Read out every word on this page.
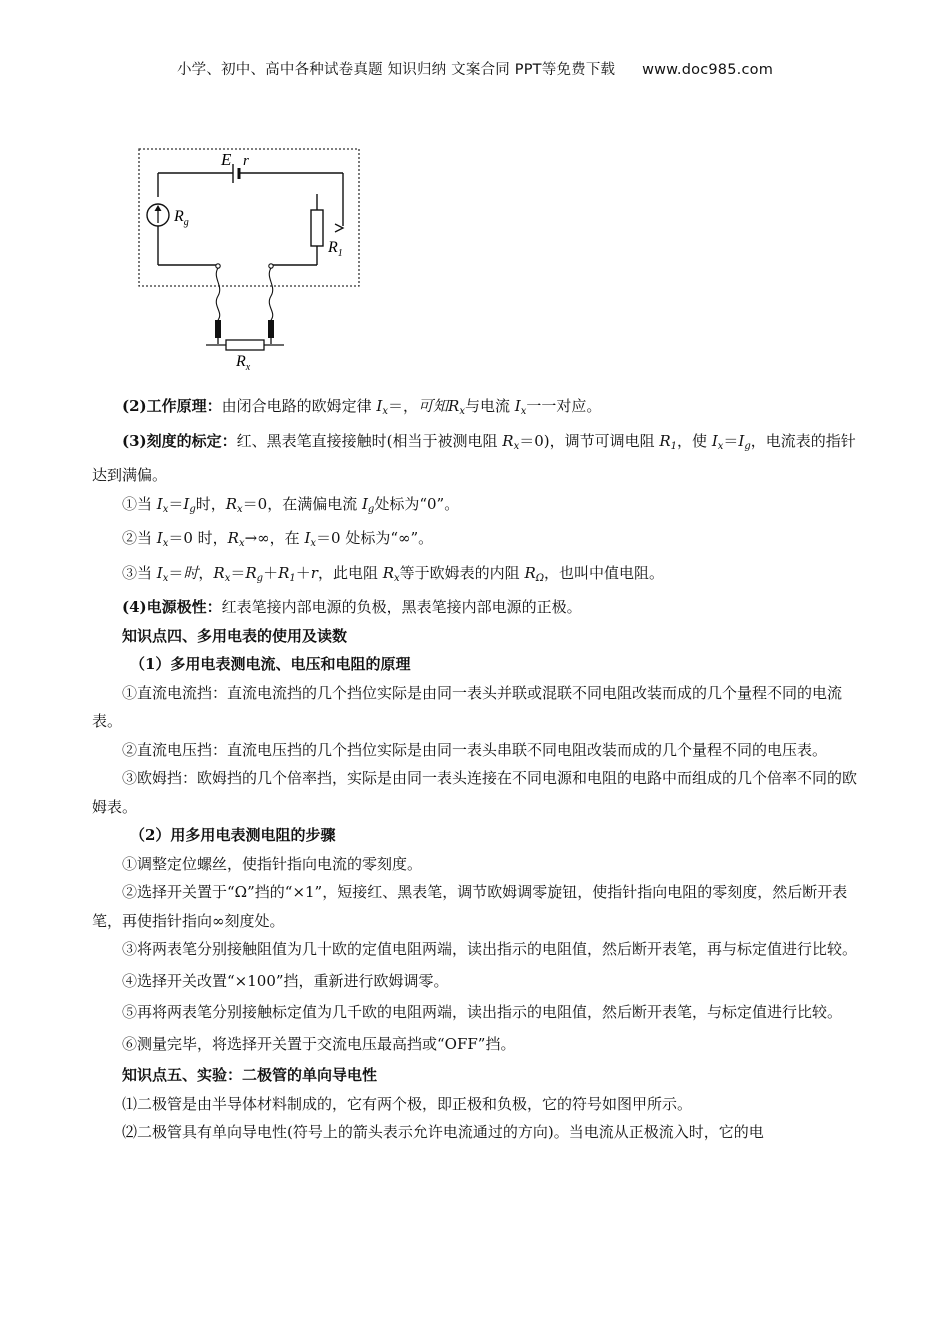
小学、初中、高中各种试卷真题 知识归纳 文案合同 PPT等免费下载 www.doc985.com
E r
$R_g$
$R_1$
$R_x$

(2)工作原理：由闭合电路的欧姆定律 $I_x=$，可知$R_x$与电流 $I_x$一一对应。

(3)刻度的标定：红、黑表笔直接接触时(相当于被测电阻 $R_x=0$)，调节可调电阻 $R_1$，使 $I_x=I_g$，电流表的指针达到满偏。

①当 $I_x=I_g$时，$R_x=0$，在满偏电流 $I_g$处标为“0”。

②当 $I_x=0$ 时，$R_x\to\infty$，在 $I_x=0$ 处标为“∞”。

③当 $I_x=$时，$R_x=R_g+R_1+r$，此电阻 $R_x$等于欧姆表的内阻 $R_\Omega$，也叫中值电阻。

(4)电源极性：红表笔接内部电源的负极，黑表笔接内部电源的正极。

知识点四、多用电表的使用及读数

（1）多用电表测电流、电压和电阻的原理

①直流电流挡：直流电流挡的几个挡位实际是由同一表头并联或混联不同电阻改装而成的几个量程不同的电流表。

②直流电压挡：直流电压挡的几个挡位实际是由同一表头串联不同电阻改装而成的几个量程不同的电压表。

③欧姆挡：欧姆挡的几个倍率挡，实际是由同一表头连接在不同电源和电阻的电路中而组成的几个倍率不同的欧姆表。

（2）用多用电表测电阻的步骤

①调整定位螺丝，使指针指向电流的零刻度。

②选择开关置于“Ω”挡的“×1”，短接红、黑表笔，调节欧姆调零旋钮，使指针指向电阻的零刻度，然后断开表笔，再使指针指向∞刻度处。

③将两表笔分别接触阻值为几十欧的定值电阻两端，读出指示的电阻值，然后断开表笔，再与标定值进行比较。

④选择开关改置“×100”挡，重新进行欧姆调零。

⑤再将两表笔分别接触标定值为几千欧的电阻两端，读出指示的电阻值，然后断开表笔，与标定值进行比较。

⑥测量完毕，将选择开关置于交流电压最高挡或“OFF”挡。

知识点五、实验：二极管的单向导电性

⑴二极管是由半导体材料制成的，它有两个极，即正极和负极，它的符号如图甲所示。

⑵二极管具有单向导电性(符号上的箭头表示允许电流通过的方向)。当电流从正极流入时，它的电
